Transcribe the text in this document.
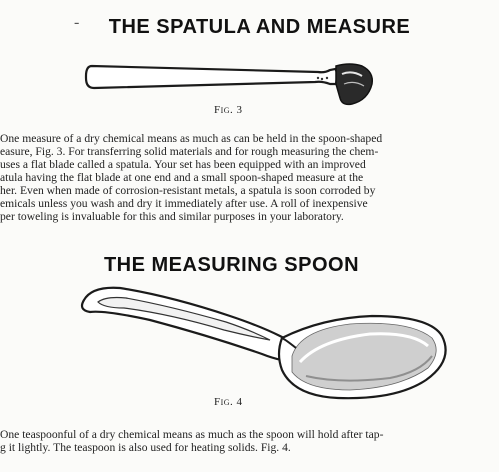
-	THE SPATULA AND MEASURE
Fig. 3
One measure of a dry chemical means as much as can be held in the spoon-shaped
easure, Fig. 3. For transferring solid materials and for rough measuring the chem-
uses a flat blade called a spatula. Your set has been equipped with an improved
atula having the flat blade at one end and a small spoon-shaped measure at the
her. Even when made of corrosion-resistant metals, a spatula is soon corroded by
emicals unless you wash and dry it immediately after use. A roll of inexpensive
per toweling is invaluable for this and similar purposes in your laboratory.
THE MEASURING SPOON
Fig. 4
One teaspoonful of a dry chemical means as much as the spoon will hold after tap-
g it lightly. The teaspoon is also used for heating solids. Fig. 4.
